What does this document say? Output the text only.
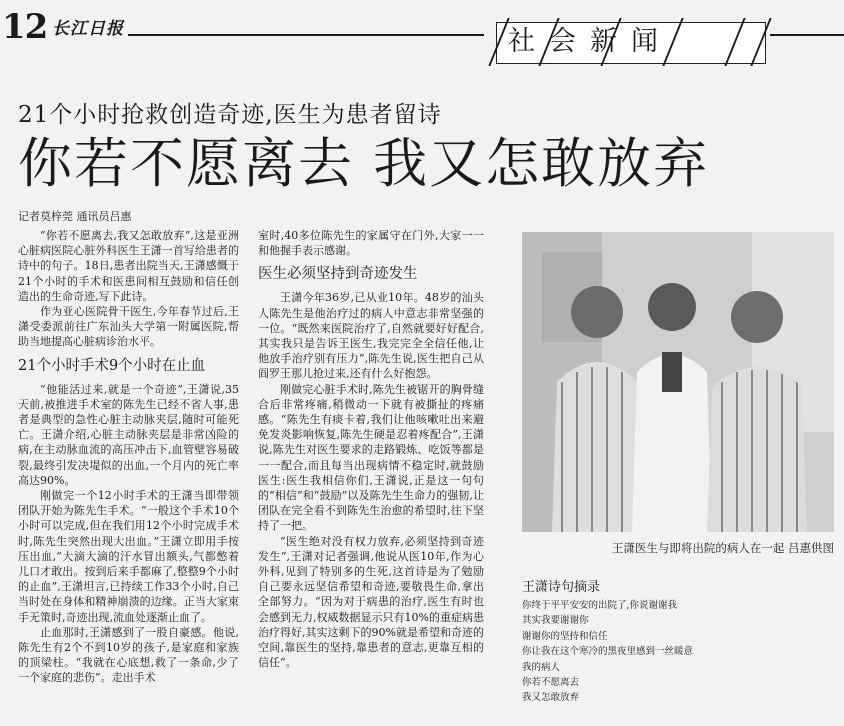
12 长江日报	社会新闻
21个小时抢救创造奇迹,医生为患者留诗
你若不愿离去 我又怎敢放弃
记者莫梓莞 通讯员吕惠

“你若不愿离去,我又怎敢放弃”,这是亚洲心脏病医院心脏外科医生王潇一首写给患者的诗中的句子。18日,患者出院当天,王潇感慨于21个小时的手术和医患间相互鼓励和信任创造出的生命奇迹,写下此诗。

作为亚心医院骨干医生,今年春节过后,王潇受委派前往广东汕头大学第一附属医院,帮助当地提高心脏病诊治水平。

21个小时手术9个小时在止血

“他能活过来,就是一个奇迹”,王潇说,35天前,被推进手术室的陈先生已经不省人事,患者是典型的急性心脏主动脉夹层,随时可能死亡。王潇介绍,心脏主动脉夹层是非常凶险的病,在主动脉血流的高压冲击下,血管壁容易破裂,最终引发决堤似的出血,一个月内的死亡率高达90%。

刚做完一个12小时手术的王潇当即带领团队开始为陈先生手术。“一般这个手术10个小时可以完成,但在我们用12个小时完成手术时,陈先生突然出现大出血。”王潇立即用手按压出血,“大滴大滴的汗水冒出额头,气都憋着儿口才敢出。按到后来手都麻了,整整9个小时的止血”,王潇坦言,已持续工作33个小时,自己当时处在身体和精神崩溃的边缘。正当大家束手无策时,奇迹出现,流血处逐渐止血了。

止血那时,王潇感到了一股自豪感。他说,陈先生有2个不到10岁的孩子,是家庭和家族的顶梁柱。“我就在心底想,救了一条命,少了一个家庭的悲伤”。走出手术

室时,40多位陈先生的家属守在门外,大家一一和他握手表示感谢。

医生必须坚持到奇迹发生

王潇今年36岁,已从业10年。48岁的汕头人陈先生是他治疗过的病人中意志非常坚强的一位。“既然来医院治疗了,自然就要好好配合,其实我只是告诉王医生,我完完全全信任他,让他放手治疗别有压力”,陈先生说,医生把自己从阎罗王那儿抢过来,还有什么好抱怨。

刚做完心脏手术时,陈先生被锯开的胸骨缝合后非常疼痛,稍微动一下就有被撕扯的疼痛感。“陈先生有痰卡着,我们让他咳嗽吐出来避免发炎影响恢复,陈先生硬是忍着疼配合”,王潇说,陈先生对医生要求的走路锻炼、吃饭等都是一一配合,而且每当出现病情不稳定时,就鼓励医生:医生我相信你们,王潇说,正是这一句句的“相信”和“鼓励”以及陈先生生命力的强韧,让团队在完全看不到陈先生治愈的希望时,往下坚持了一把。

“医生绝对没有权力放弃,必须坚持到奇迹发生”,王潇对记者强调,他说从医10年,作为心外科,见到了特别多的生死,这首诗是为了勉励自己要永远坚信希望和奇迹,要敬畏生命,拿出全部努力。“因为对于病患的治疗,医生有时也会感到无力,权威数据显示只有10%的重症病患治疗得好,其实这剩下的90%就是希望和奇迹的空间,靠医生的坚持,靠患者的意志,更靠互相的信任”。

王潇医生与即将出院的病人在一起 吕惠供图
王潇诗句摘录
你终于平平安安的出院了,你说谢谢我
其实我要谢谢你
谢谢你的坚持和信任
你让我在这个寒冷的黑夜里感到一丝暖意
我的病人
你若不愿离去
我又怎敢放弃
